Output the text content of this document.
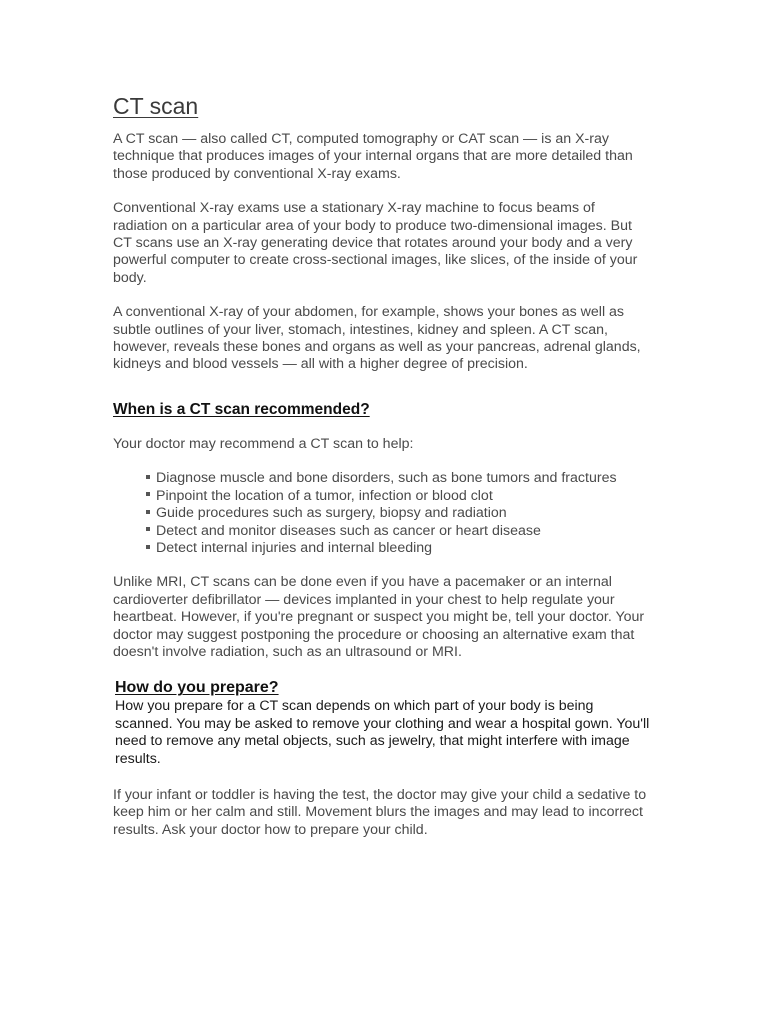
CT scan

A CT scan — also called CT, computed tomography or CAT scan — is an X-ray technique that produces images of your internal organs that are more detailed than those produced by conventional X-ray exams.

Conventional X-ray exams use a stationary X-ray machine to focus beams of radiation on a particular area of your body to produce two-dimensional images. But CT scans use an X-ray generating device that rotates around your body and a very powerful computer to create cross-sectional images, like slices, of the inside of your body.

A conventional X-ray of your abdomen, for example, shows your bones as well as subtle outlines of your liver, stomach, intestines, kidney and spleen. A CT scan, however, reveals these bones and organs as well as your pancreas, adrenal glands, kidneys and blood vessels — all with a higher degree of precision.

When is a CT scan recommended?

Your doctor may recommend a CT scan to help:

Diagnose muscle and bone disorders, such as bone tumors and fractures
Pinpoint the location of a tumor, infection or blood clot
Guide procedures such as surgery, biopsy and radiation
Detect and monitor diseases such as cancer or heart disease
Detect internal injuries and internal bleeding

Unlike MRI, CT scans can be done even if you have a pacemaker or an internal cardioverter defibrillator — devices implanted in your chest to help regulate your heartbeat. However, if you're pregnant or suspect you might be, tell your doctor. Your doctor may suggest postponing the procedure or choosing an alternative exam that doesn't involve radiation, such as an ultrasound or MRI.

How do you prepare?

How you prepare for a CT scan depends on which part of your body is being scanned. You may be asked to remove your clothing and wear a hospital gown. You'll need to remove any metal objects, such as jewelry, that might interfere with image results.

If your infant or toddler is having the test, the doctor may give your child a sedative to keep him or her calm and still. Movement blurs the images and may lead to incorrect results. Ask your doctor how to prepare your child.
